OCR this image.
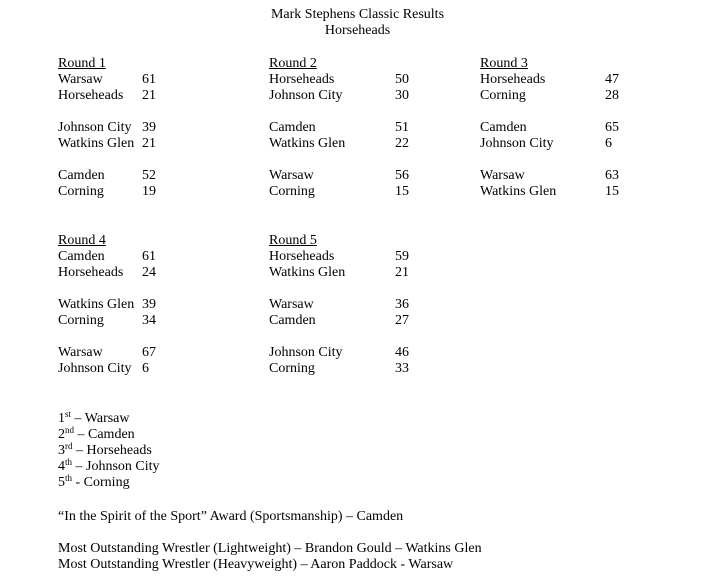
Mark Stephens Classic Results
Horseheads
Round 1
Warsaw	61
Horseheads 21
Johnson City 39
Watkins Glen 21
Camden	52
Corning	19
Round 2
Horseheads	50
Johnson City	30
Camden	51
Watkins Glen	22
Warsaw	56
Corning	15
Round 3
Horseheads	47
Corning	28
Camden	65
Johnson City	6
Warsaw	63
Watkins Glen	15
Round 4
Camden	61
Horseheads 24
Watkins Glen 39
Corning	34
Warsaw	67
Johnson City 6
Round 5
Horseheads	59
Watkins Glen	21
Warsaw	36
Camden	27
Johnson City	46
Corning	33
1st – Warsaw
2nd – Camden
3rd – Horseheads
4th – Johnson City
5th - Corning
“In the Spirit of the Sport” Award (Sportsmanship) – Camden
Most Outstanding Wrestler (Lightweight) – Brandon Gould – Watkins Glen
Most Outstanding Wrestler (Heavyweight) – Aaron Paddock - Warsaw
